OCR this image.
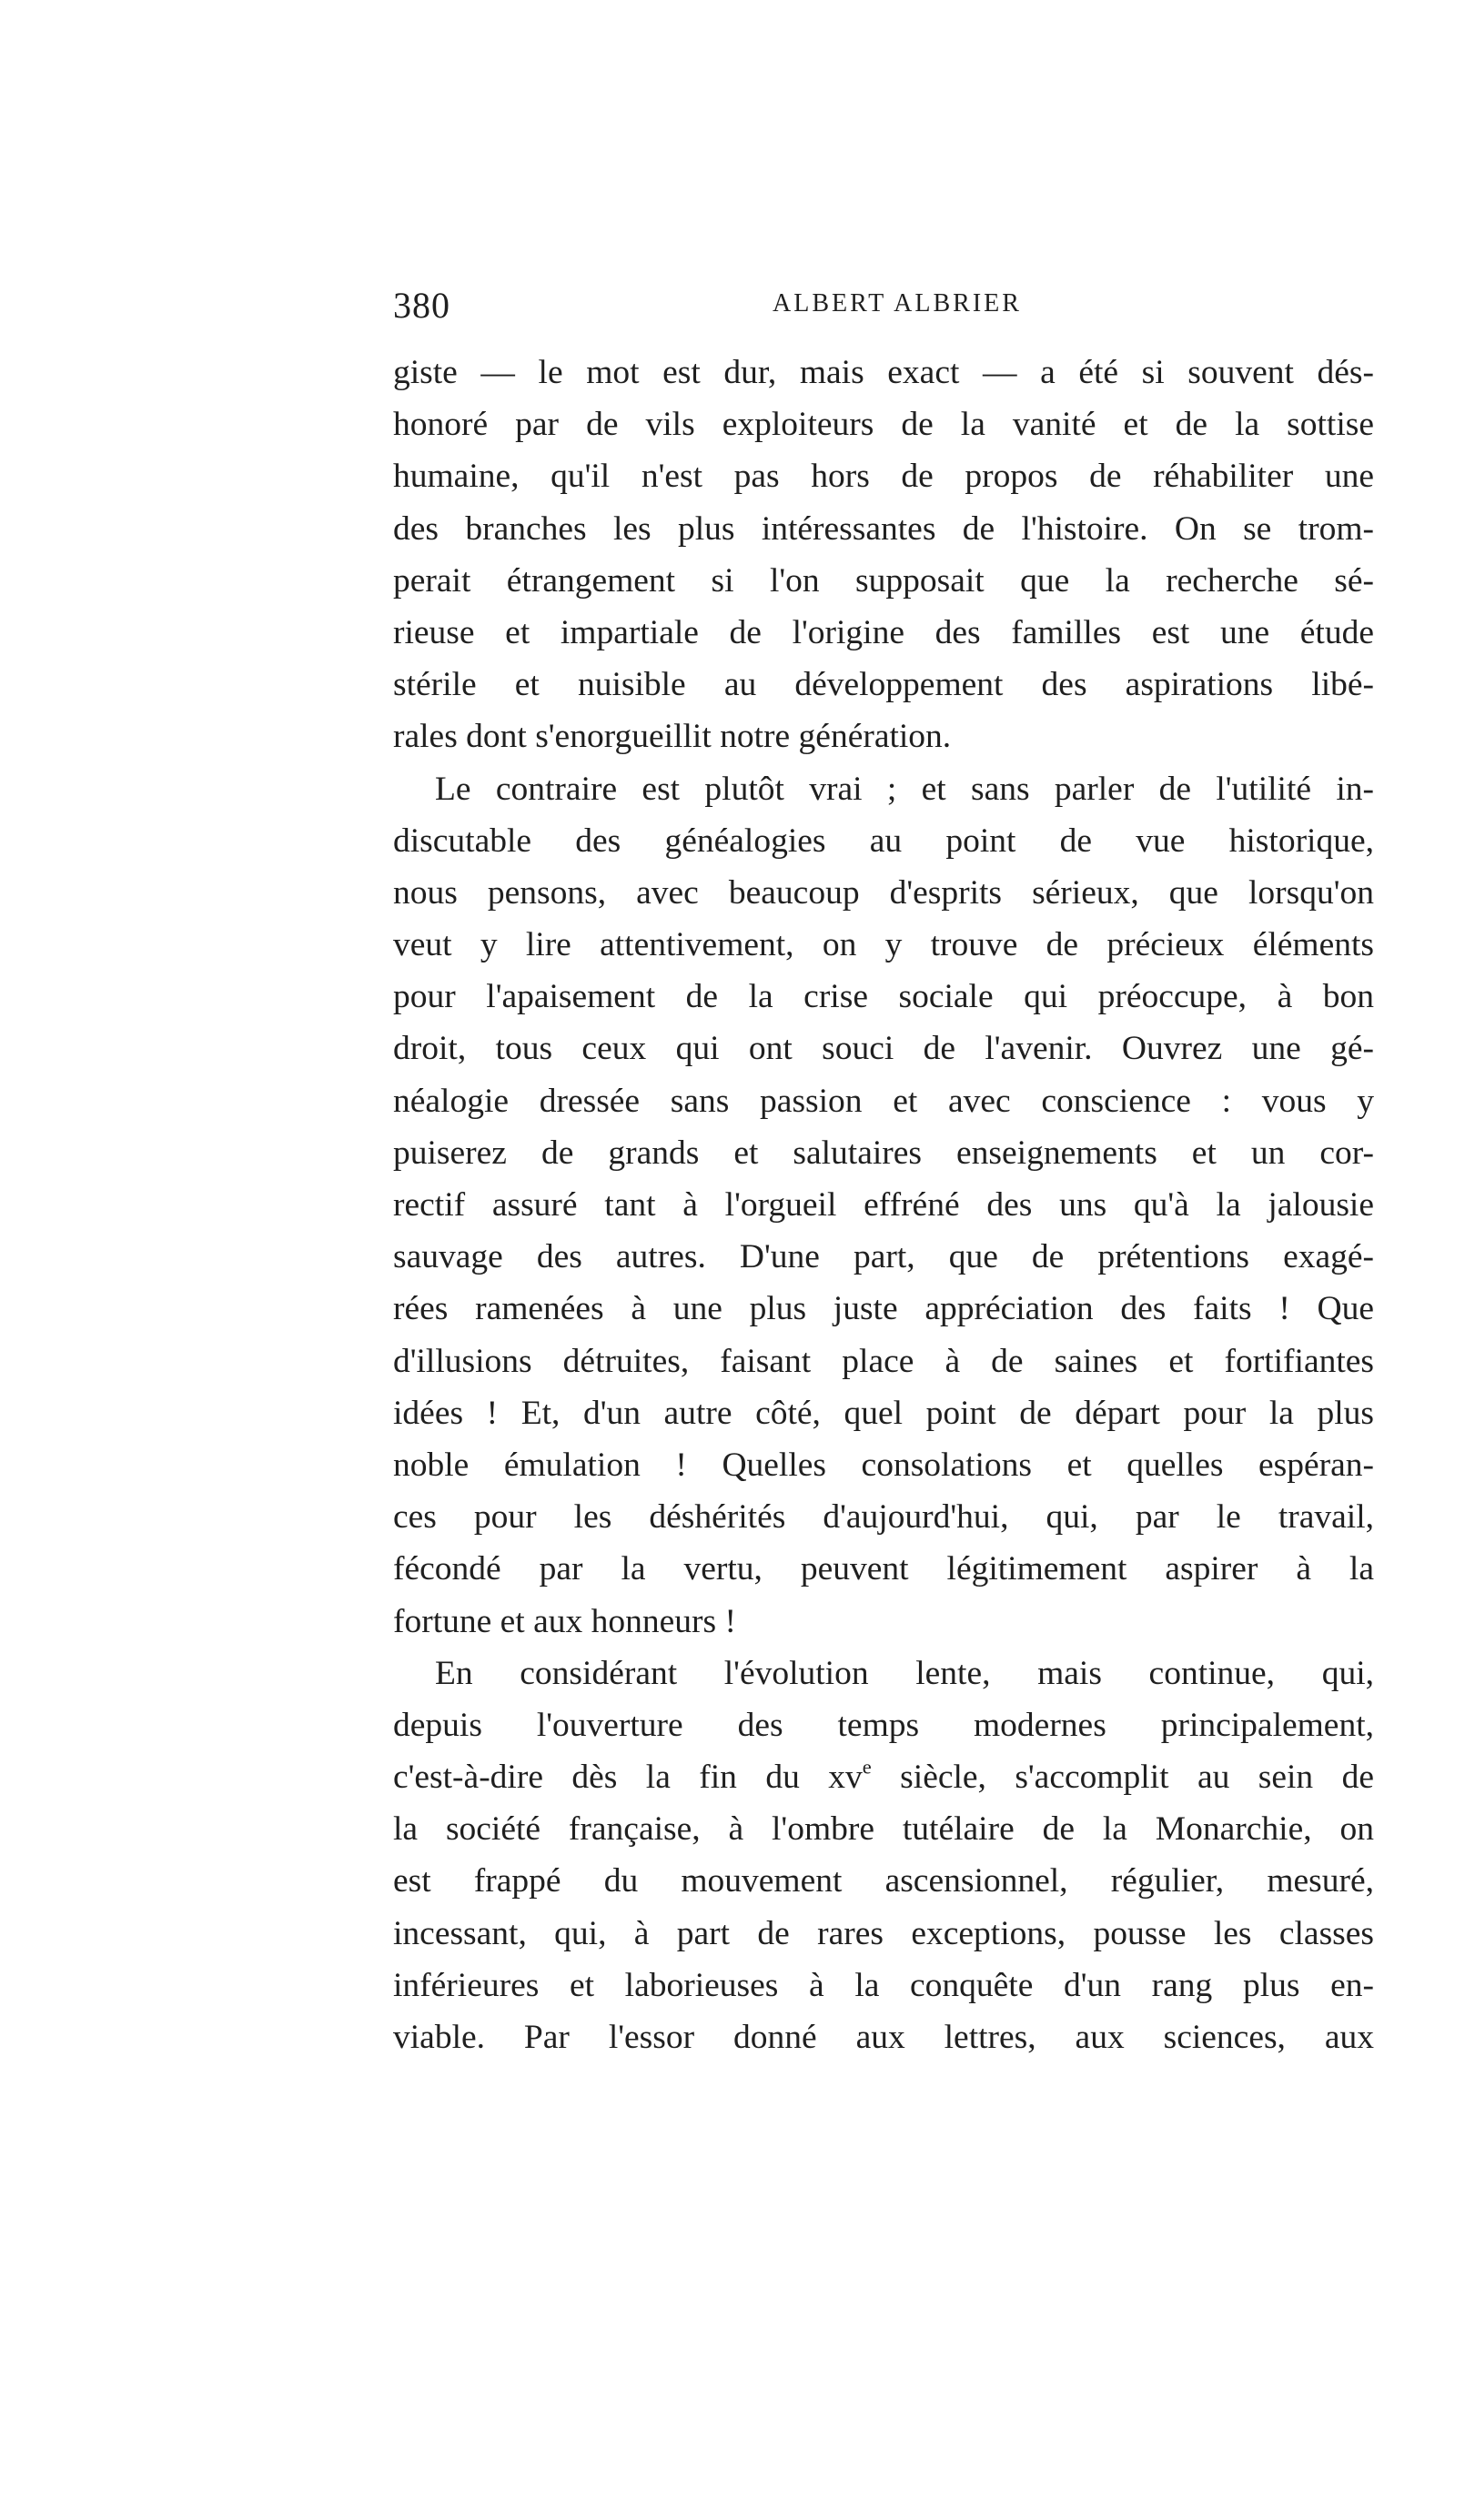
380	ALBERT ALBRIER
giste — le mot est dur, mais exact — a été si souvent dés-
honoré par de vils exploiteurs de la vanité et de la sottise
humaine, qu'il n'est pas hors de propos de réhabiliter une
des branches les plus intéressantes de l'histoire. On se trom-
perait étrangement si l'on supposait que la recherche sé-
rieuse et impartiale de l'origine des familles est une étude
stérile et nuisible au développement des aspirations libé-
rales dont s'enorgueillit notre génération.
Le contraire est plutôt vrai ; et sans parler de l'utilité in-
discutable des généalogies au point de vue historique,
nous pensons, avec beaucoup d'esprits sérieux, que lorsqu'on
veut y lire attentivement, on y trouve de précieux éléments
pour l'apaisement de la crise sociale qui préoccupe, à bon
droit, tous ceux qui ont souci de l'avenir. Ouvrez une gé-
néalogie dressée sans passion et avec conscience : vous y
puiserez de grands et salutaires enseignements et un cor-
rectif assuré tant à l'orgueil effréné des uns qu'à la jalousie
sauvage des autres. D'une part, que de prétentions exagé-
rées ramenées à une plus juste appréciation des faits ! Que
d'illusions détruites, faisant place à de saines et fortifiantes
idées ! Et, d'un autre côté, quel point de départ pour la plus
noble émulation ! Quelles consolations et quelles espéran-
ces pour les déshérités d'aujourd'hui, qui, par le travail,
fécondé par la vertu, peuvent légitimement aspirer à la
fortune et aux honneurs !
En considérant l'évolution lente, mais continue, qui,
depuis l'ouverture des temps modernes principalement,
c'est-à-dire dès la fin du $xv^e$ siècle, s'accomplit au sein de
la société française, à l'ombre tutélaire de la Monarchie, on
est frappé du mouvement ascensionnel, régulier, mesuré,
incessant, qui, à part de rares exceptions, pousse les classes
inférieures et laborieuses à la conquête d'un rang plus en-
viable. Par l'essor donné aux lettres, aux sciences, aux
